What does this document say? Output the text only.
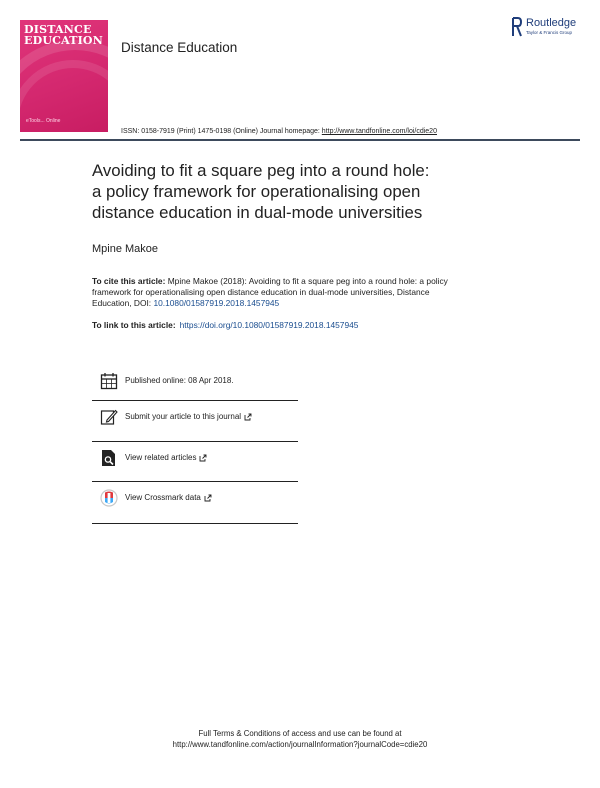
DISTANCE
EDUCATION
eTools... Online
Distance Education
Routledge
Taylor & Francis Group
ISSN: 0158-7919 (Print) 1475-0198 (Online) Journal homepage: http://www.tandfonline.com/loi/cdie20
Avoiding to fit a square peg into a round hole:
a policy framework for operationalising open
distance education in dual-mode universities
Mpine Makoe
To cite this article: Mpine Makoe (2018): Avoiding to fit a square peg into a round hole: a policy
framework for operationalising open distance education in dual-mode universities, Distance
Education, DOI: 10.1080/01587919.2018.1457945
To link to this article: https://doi.org/10.1080/01587919.2018.1457945
Published online: 08 Apr 2018.
Submit your article to this journal
View related articles
View Crossmark data
Full Terms & Conditions of access and use can be found at
http://www.tandfonline.com/action/journalInformation?journalCode=cdie20
